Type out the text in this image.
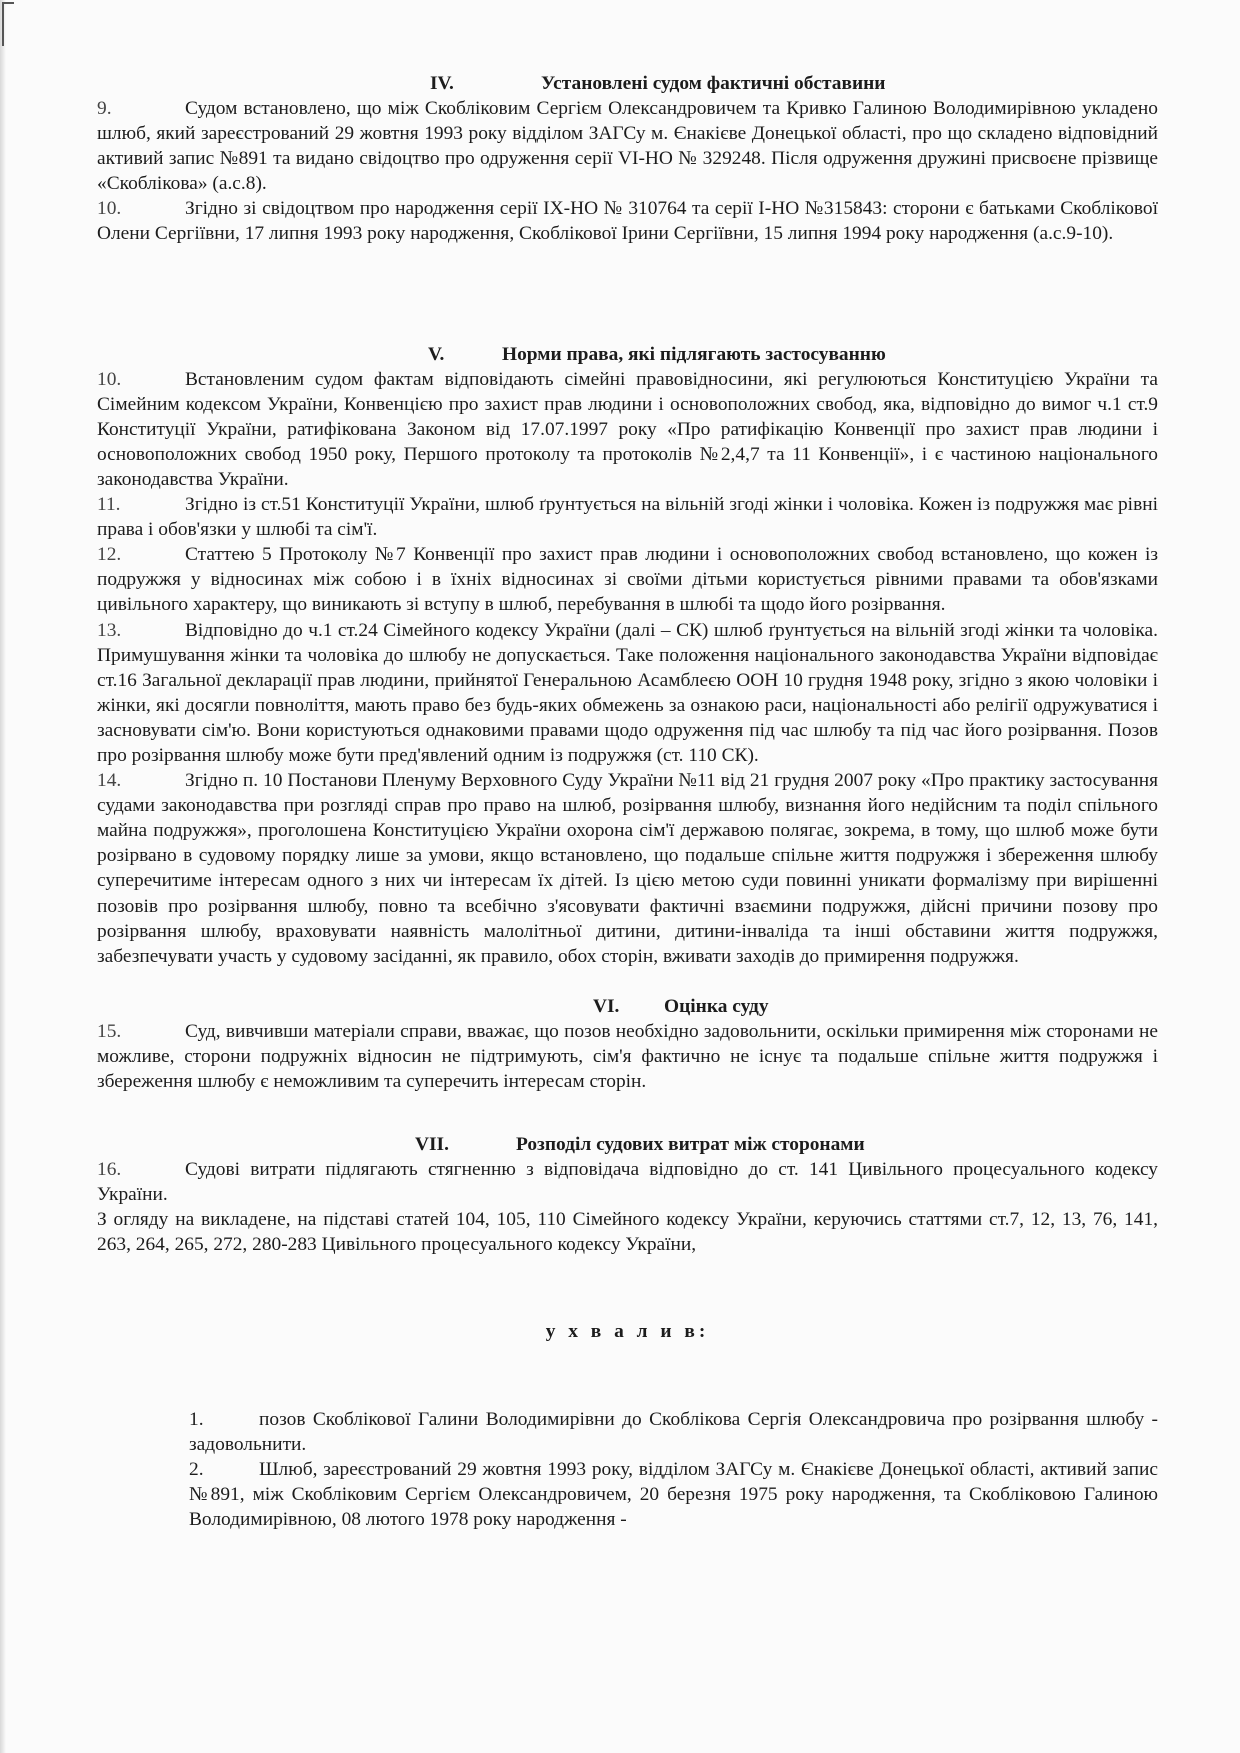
IV.	Установлені судом фактичні обставини

9.	Судом встановлено, що між Скобліковим Сергієм Олександровичем та Кривко Галиною Володимирівною укладено шлюб, який зареєстрований 29 жовтня 1993 року відділом ЗАГСу м. Єнакієве Донецької області, про що складено відповідний активий запис №891 та видано свідоцтво про одруження серії VI-НО № 329248. Після одруження дружині присвоєне прізвище «Скоблікова» (а.с.8).

10.	Згідно зі свідоцтвом про народження серії ІХ-НО № 310764 та серії І-НО №315843: сторони є батьками Скоблікової Олени Сергіївни, 17 липня 1993 року народження, Скоблікової Ірини Сергіївни, 15 липня 1994 року народження (а.с.9-10).

V.	Норми права, які підлягають застосуванню

10.	Встановленим судом фактам відповідають сімейні правовідносини, які регулюються Конституцією України та Сімейним кодексом України, Конвенцією про захист прав людини і основоположних свобод, яка, відповідно до вимог ч.1 ст.9 Конституції України, ратифікована Законом від 17.07.1997 року «Про ратифікацію Конвенції про захист прав людини і основоположних свобод 1950 року, Першого протоколу та протоколів №2,4,7 та 11 Конвенції», і є частиною національного законодавства України.

11.	Згідно із ст.51 Конституції України, шлюб ґрунтується на вільній згоді жінки і чоловіка. Кожен із подружжя має рівні права і обов'язки у шлюбі та сім'ї.

12.	Статтею 5 Протоколу №7 Конвенції про захист прав людини і основоположних свобод встановлено, що кожен із подружжя у відносинах між собою і в їхніх відносинах зі своїми дітьми користується рівними правами та обов'язками цивільного характеру, що виникають зі вступу в шлюб, перебування в шлюбі та щодо його розірвання.

13.	Відповідно до ч.1 ст.24 Сімейного кодексу України (далі – СК) шлюб ґрунтується на вільній згоді жінки та чоловіка. Примушування жінки та чоловіка до шлюбу не допускається. Таке положення національного законодавства України відповідає ст.16 Загальної декларації прав людини, прийнятої Генеральною Асамблеєю ООН 10 грудня 1948 року, згідно з якою чоловіки і жінки, які досягли повноліття, мають право без будь-яких обмежень за ознакою раси, національності або релігії одружуватися і засновувати сім'ю. Вони користуються однаковими правами щодо одруження під час шлюбу та під час його розірвання. Позов про розірвання шлюбу може бути пред'явлений одним із подружжя (ст. 110 СК).

14.	Згідно п. 10 Постанови Пленуму Верховного Суду України №11 від 21 грудня 2007 року «Про практику застосування судами законодавства при розгляді справ про право на шлюб, розірвання шлюбу, визнання його недійсним та поділ спільного майна подружжя», проголошена Конституцією України охорона сім'ї державою полягає, зокрема, в тому, що шлюб може бути розірвано в судовому порядку лише за умови, якщо встановлено, що подальше спільне життя подружжя і збереження шлюбу суперечитиме інтересам одного з них чи інтересам їх дітей. Із цією метою суди повинні уникати формалізму при вирішенні позовів про розірвання шлюбу, повно та всебічно з'ясовувати фактичні взаємини подружжя, дійсні причини позову про розірвання шлюбу, враховувати наявність малолітньої дитини, дитини-інваліда та інші обставини життя подружжя, забезпечувати участь у судовому засіданні, як правило, обох сторін, вживати заходів до примирення подружжя.

VI. Оцінка суду

15.	Суд, вивчивши матеріали справи, вважає, що позов необхідно задовольнити, оскільки примирення між сторонами не можливе, сторони подружніх відносин не підтримують, сім'я фактично не існує та подальше спільне життя подружжя і збереження шлюбу є неможливим та суперечить інтересам сторін.

VII.	Розподіл судових витрат між сторонами

16.	Судові витрати підлягають стягненню з відповідача відповідно до ст. 141 Цивільного процесуального кодексу України.

З огляду на викладене, на підставі статей 104, 105, 110 Сімейного кодексу України, керуючись статтями ст.7, 12, 13, 76, 141, 263, 264, 265, 272, 280-283 Цивільного процесуального кодексу України,

у х в а л и в:

1.	позов Скоблікової Галини Володимирівни до Скоблікова Сергія Олександровича про розірвання шлюбу - задовольнити.

2.	Шлюб, зареєстрований 29 жовтня 1993 року, відділом ЗАГСу м. Єнакієве Донецької області, активий запис №891, між Скобліковим Сергієм Олександровичем, 20 березня 1975 року народження, та Скобліковою Галиною Володимирівною, 08 лютого 1978 року народження -
